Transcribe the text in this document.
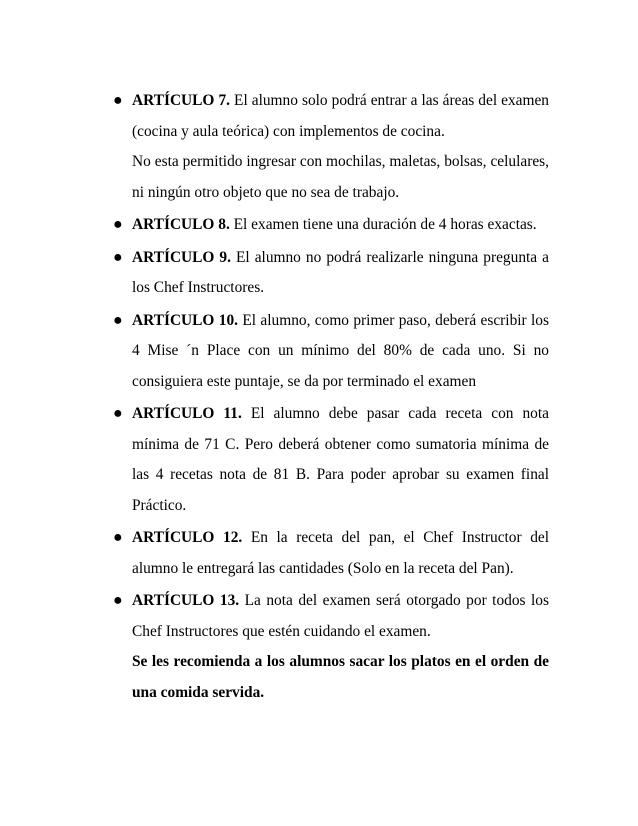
● ARTÍCULO 7. El alumno solo podrá entrar a las áreas del examen (cocina y aula teórica) con implementos de cocina.

No esta permitido ingresar con mochilas, maletas, bolsas, celulares, ni ningún otro objeto que no sea de trabajo.

● ARTÍCULO 8. El examen tiene una duración de 4 horas exactas.

● ARTÍCULO 9. El alumno no podrá realizarle ninguna pregunta a los Chef Instructores.

● ARTÍCULO 10. El alumno, como primer paso, deberá escribir los 4 Mise ´n Place con un mínimo del 80% de cada uno. Si no consiguiera este puntaje, se da por terminado el examen

● ARTÍCULO 11. El alumno debe pasar cada receta con nota mínima de 71 C. Pero deberá obtener como sumatoria mínima de las 4 recetas nota de 81 B. Para poder aprobar su examen final Práctico.

● ARTÍCULO 12. En la receta del pan, el Chef Instructor del alumno le entregará las cantidades (Solo en la receta del Pan).

● ARTÍCULO 13. La nota del examen será otorgado por todos los Chef Instructores que estén cuidando el examen.

Se les recomienda a los alumnos sacar los platos en el orden de una comida servida.
